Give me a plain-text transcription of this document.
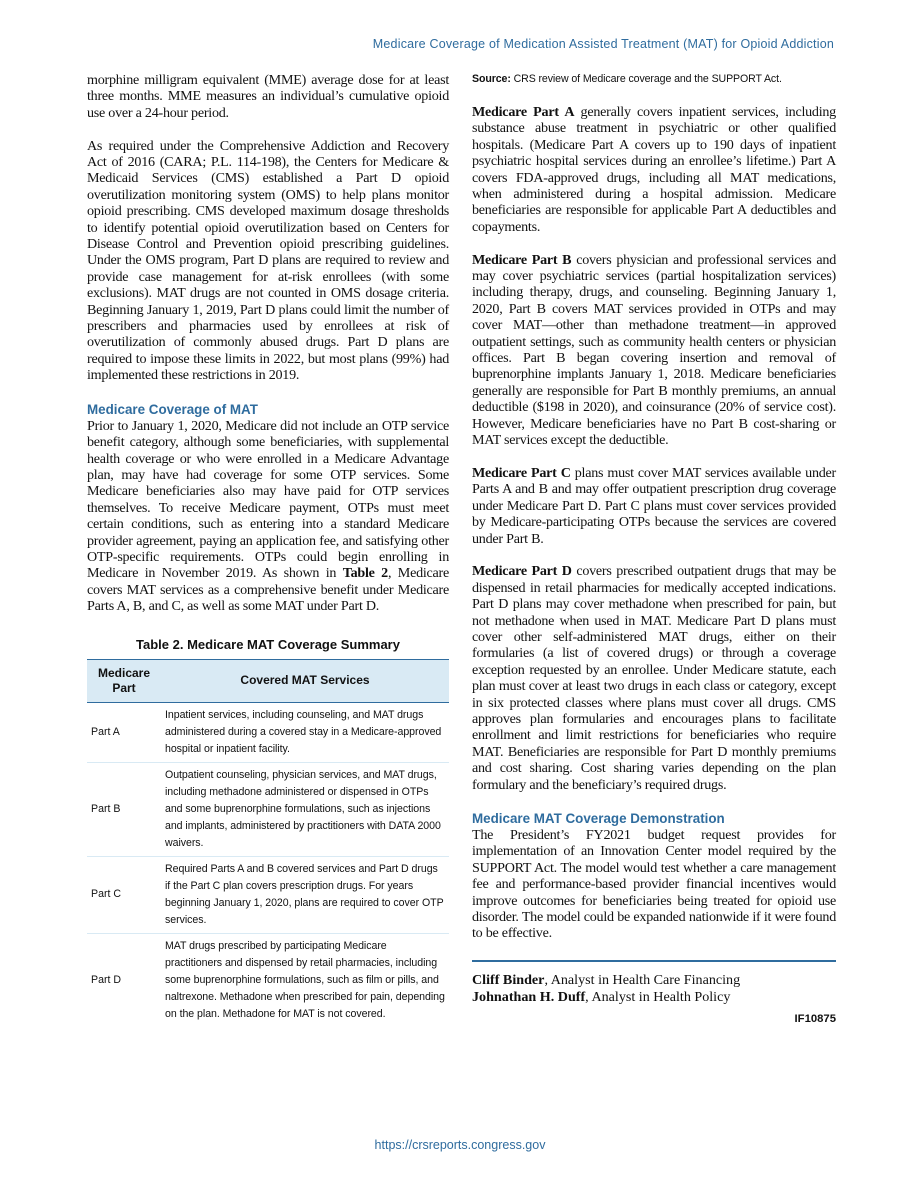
Medicare Coverage of Medication Assisted Treatment (MAT) for Opioid Addiction

morphine milligram equivalent (MME) average dose for at least three months. MME measures an individual’s cumulative opioid use over a 24-hour period.

As required under the Comprehensive Addiction and Recovery Act of 2016 (CARA; P.L. 114-198), the Centers for Medicare & Medicaid Services (CMS) established a Part D opioid overutilization monitoring system (OMS) to help plans monitor opioid prescribing. CMS developed maximum dosage thresholds to identify potential opioid overutilization based on Centers for Disease Control and Prevention opioid prescribing guidelines. Under the OMS program, Part D plans are required to review and provide case management for at-risk enrollees (with some exclusions). MAT drugs are not counted in OMS dosage criteria. Beginning January 1, 2019, Part D plans could limit the number of prescribers and pharmacies used by enrollees at risk of overutilization of commonly abused drugs. Part D plans are required to impose these limits in 2022, but most plans (99%) had implemented these restrictions in 2019.

Medicare Coverage of MAT

Prior to January 1, 2020, Medicare did not include an OTP service benefit category, although some beneficiaries, with supplemental health coverage or who were enrolled in a Medicare Advantage plan, may have had coverage for some OTP services. Some Medicare beneficiaries also may have paid for OTP services themselves. To receive Medicare payment, OTPs must meet certain conditions, such as entering into a standard Medicare provider agreement, paying an application fee, and satisfying other OTP-specific requirements. OTPs could begin enrolling in Medicare in November 2019. As shown in Table 2, Medicare covers MAT services as a comprehensive benefit under Medicare Parts A, B, and C, as well as some MAT under Part D.

Table 2. Medicare MAT Coverage Summary
Medicare Part	Covered MAT Services
Part A	Inpatient services, including counseling, and MAT drugs administered during a covered stay in a Medicare-approved hospital or inpatient facility.
Part B	Outpatient counseling, physician services, and MAT drugs, including methadone administered or dispensed in OTPs and some buprenorphine formulations, such as injections and implants, administered by practitioners with DATA 2000 waivers.
Part C	Required Parts A and B covered services and Part D drugs if the Part C plan covers prescription drugs. For years beginning January 1, 2020, plans are required to cover OTP services.
Part D	MAT drugs prescribed by participating Medicare practitioners and dispensed by retail pharmacies, including some buprenorphine formulations, such as film or pills, and naltrexone. Methadone when prescribed for pain, depending on the plan. Methadone for MAT is not covered.

Source: CRS review of Medicare coverage and the SUPPORT Act.

Medicare Part A generally covers inpatient services, including substance abuse treatment in psychiatric or other qualified hospitals. (Medicare Part A covers up to 190 days of inpatient psychiatric hospital services during an enrollee’s lifetime.) Part A covers FDA-approved drugs, including all MAT medications, when administered during a hospital admission. Medicare beneficiaries are responsible for applicable Part A deductibles and copayments.

Medicare Part B covers physician and professional services and may cover psychiatric services (partial hospitalization services) including therapy, drugs, and counseling. Beginning January 1, 2020, Part B covers MAT services provided in OTPs and may cover MAT—other than methadone treatment—in approved outpatient settings, such as community health centers or physician offices. Part B began covering insertion and removal of buprenorphine implants January 1, 2018. Medicare beneficiaries generally are responsible for Part B monthly premiums, an annual deductible ($198 in 2020), and coinsurance (20% of service cost). However, Medicare beneficiaries have no Part B cost-sharing or MAT services except the deductible.

Medicare Part C plans must cover MAT services available under Parts A and B and may offer outpatient prescription drug coverage under Medicare Part D. Part C plans must cover services provided by Medicare-participating OTPs because the services are covered under Part B.

Medicare Part D covers prescribed outpatient drugs that may be dispensed in retail pharmacies for medically accepted indications. Part D plans may cover methadone when prescribed for pain, but not methadone when used in MAT. Medicare Part D plans must cover other self-administered MAT drugs, either on their formularies (a list of covered drugs) or through a coverage exception requested by an enrollee. Under Medicare statute, each plan must cover at least two drugs in each class or category, except in six protected classes where plans must cover all drugs. CMS approves plan formularies and encourages plans to facilitate enrollment and limit restrictions for beneficiaries who require MAT. Beneficiaries are responsible for Part D monthly premiums and cost sharing. Cost sharing varies depending on the plan formulary and the beneficiary’s required drugs.

Medicare MAT Coverage Demonstration

The President’s FY2021 budget request provides for implementation of an Innovation Center model required by the SUPPORT Act. The model would test whether a care management fee and performance-based provider financial incentives would improve outcomes for beneficiaries being treated for opioid use disorder. The model could be expanded nationwide if it were found to be effective.

Cliff Binder, Analyst in Health Care Financing
Johnathan H. Duff, Analyst in Health Policy
IF10875
https://crsreports.congress.gov
